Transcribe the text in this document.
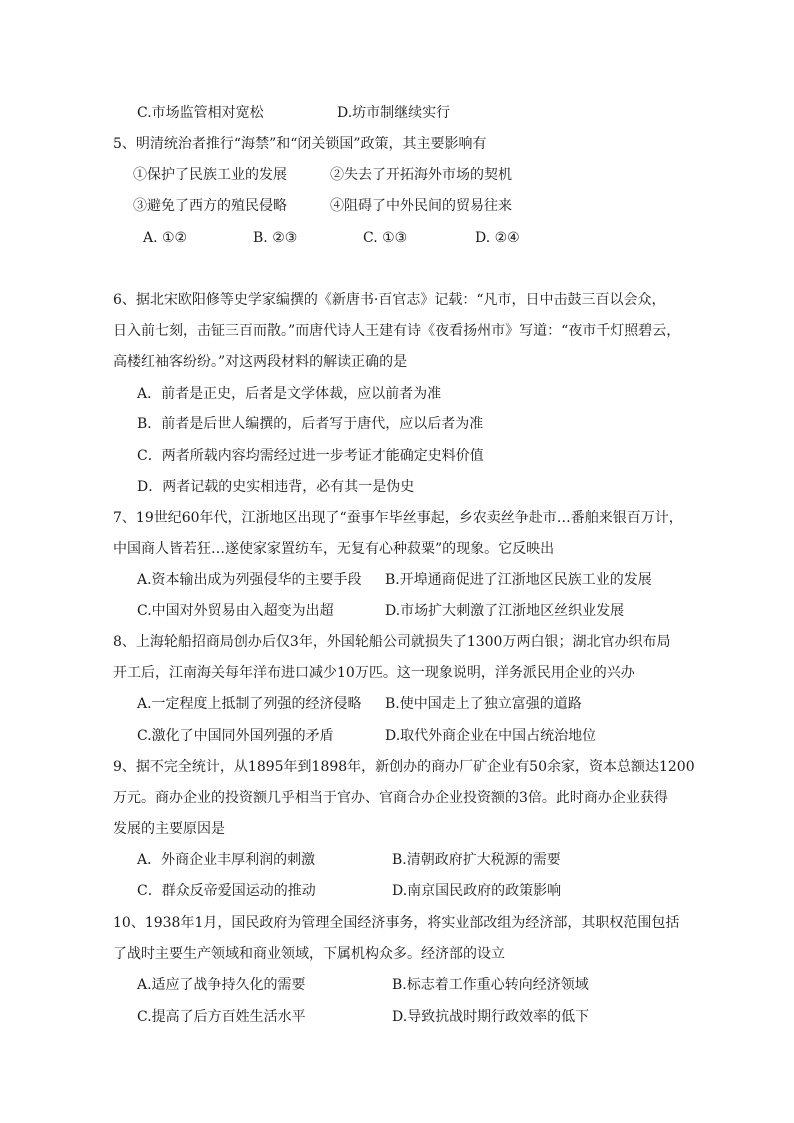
C.市场监管相对宽松	D.坊市制继续实行
5、明清统治者推行“海禁”和“闭关锁国”政策，其主要影响有
①保护了民族工业的发展	②失去了开拓海外市场的契机
③避免了西方的殖民侵略	④阻碍了中外民间的贸易往来
A. ①②	B. ②③	C. ①③	D. ②④
6、据北宋欧阳修等史学家编撰的《新唐书·百官志》记载：“凡市，日中击鼓三百以会众，
日入前七刻，击钲三百而散。”而唐代诗人王建有诗《夜看扬州市》写道：“夜市千灯照碧云，
高楼红袖客纷纷。”对这两段材料的解读正确的是
A．前者是正史，后者是文学体裁，应以前者为准
B．前者是后世人编撰的，后者写于唐代，应以后者为准
C．两者所载内容均需经过进一步考证才能确定史料价值
D．两者记载的史实相违背，必有其一是伪史
7、19世纪60年代，江浙地区出现了“蚕事乍毕丝事起，乡农卖丝争赴市…番舶来银百万计，
中国商人皆若狂…遂使家家置纺车，无复有心种菽粟”的现象。它反映出
A.资本输出成为列强侵华的主要手段 B.开埠通商促进了江浙地区民族工业的发展
C.中国对外贸易由入超变为出超	D.市场扩大刺激了江浙地区丝织业发展
8、上海轮船招商局创办后仅3年，外国轮船公司就损失了1300万两白银；湖北官办织布局
开工后，江南海关每年洋布进口减少10万匹。这一现象说明，洋务派民用企业的兴办
A.一定程度上抵制了列强的经济侵略 B.使中国走上了独立富强的道路
C.激化了中国同外国列强的矛盾	D.取代外商企业在中国占统治地位
9、据不完全统计，从1895年到1898年，新创办的商办厂矿企业有50余家，资本总额达1200
万元。商办企业的投资额几乎相当于官办、官商合办企业投资额的3倍。此时商办企业获得
发展的主要原因是
A．外商企业丰厚利润的刺激	B.清朝政府扩大税源的需要
C．群众反帝爱国运动的推动	D.南京国民政府的政策影响
10、1938年1月，国民政府为管理全国经济事务，将实业部改组为经济部，其职权范围包括
了战时主要生产领域和商业领域，下属机构众多。经济部的设立
A.适应了战争持久化的需要	B.标志着工作重心转向经济领域
C.提高了后方百姓生活水平	D.导致抗战时期行政效率的低下
